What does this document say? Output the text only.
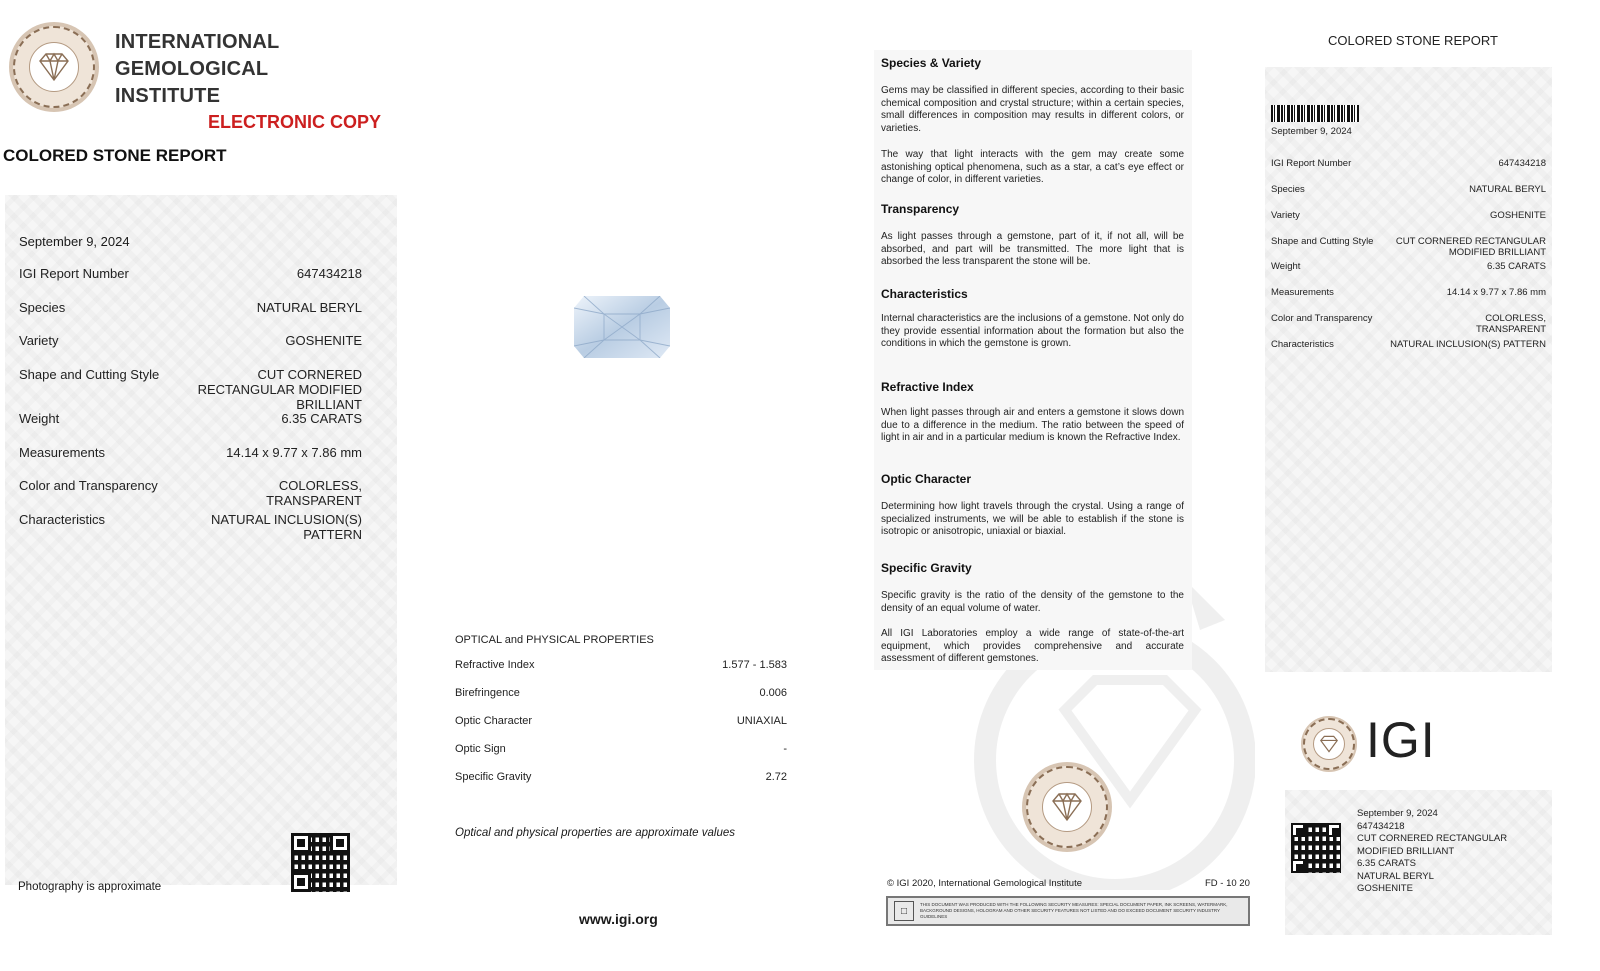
INTERNATIONAL
GEMOLOGICAL
INSTITUTE
ELECTRONIC COPY
COLORED STONE REPORT
September 9, 2024
IGI Report Number	647434218
Species	NATURAL BERYL
Variety	GOSHENITE
Shape and Cutting Style	CUT CORNERED
RECTANGULAR MODIFIED
BRILLIANT
Weight	6.35 CARATS
Measurements	14.14 x 9.77 x 7.86 mm
Color and Transparency	COLORLESS,
TRANSPARENT
Characteristics	NATURAL INCLUSION(S)
PATTERN
Photography is approximate
OPTICAL and PHYSICAL PROPERTIES
Refractive Index	1.577 - 1.583
Birefringence	0.006
Optic Character	UNIAXIAL
Optic Sign	-
Specific Gravity	2.72
Optical and physical properties are approximate values
www.igi.org
Species & Variety
Gems may be classified in different species, according to their basic chemical composition and crystal structure; within a certain species, small differences in composition may results in different colors, or varieties.
The way that light interacts with the gem may create some astonishing optical phenomena, such as a star, a cat’s eye effect or change of color, in different varieties.
Transparency
As light passes through a gemstone, part of it, if not all, will be absorbed, and part will be transmitted. The more light that is absorbed the less transparent the stone will be.
Characteristics
Internal characteristics are the inclusions of a gemstone. Not only do they provide essential information about the formation but also the conditions in which the gemstone is grown.
Refractive Index
When light passes through air and enters a gemstone it slows down due to a difference in the medium. The ratio between the speed of light in air and in a particular medium is known the Refractive Index.
Optic Character
Determining how light travels through the crystal. Using a range of specialized instruments, we will be able to establish if the stone is isotropic or anisotropic, uniaxial or biaxial.
Specific Gravity
Specific gravity is the ratio of the density of the gemstone to the density of an equal volume of water.
All IGI Laboratories employ a wide range of state-of-the-art equipment, which provides comprehensive and accurate assessment of different gemstones.
© IGI 2020, International Gemological Institute	FD - 10 20
□
THIS DOCUMENT WAS PRODUCED WITH THE FOLLOWING SECURITY MEASURES: SPECIAL DOCUMENT PAPER, INK SCREENS, WATERMARK, BACKGROUND DESIGNS, HOLOGRAM AND OTHER SECURITY FEATURES NOT LISTED AND DO EXCEED DOCUMENT SECURITY INDUSTRY GUIDELINES
COLORED STONE REPORT
September 9, 2024
IGI Report Number	647434218
Species	NATURAL BERYL
Variety	GOSHENITE
Shape and Cutting Style CUT CORNERED RECTANGULAR
MODIFIED BRILLIANT
Weight	6.35 CARATS
Measurements	14.14 x 9.77 x 7.86 mm
Color and Transparency	COLORLESS,
TRANSPARENT
Characteristics	NATURAL INCLUSION(S) PATTERN
IGI
September 9, 2024
647434218
CUT CORNERED RECTANGULAR
MODIFIED BRILLIANT
6.35 CARATS
NATURAL BERYL
GOSHENITE
